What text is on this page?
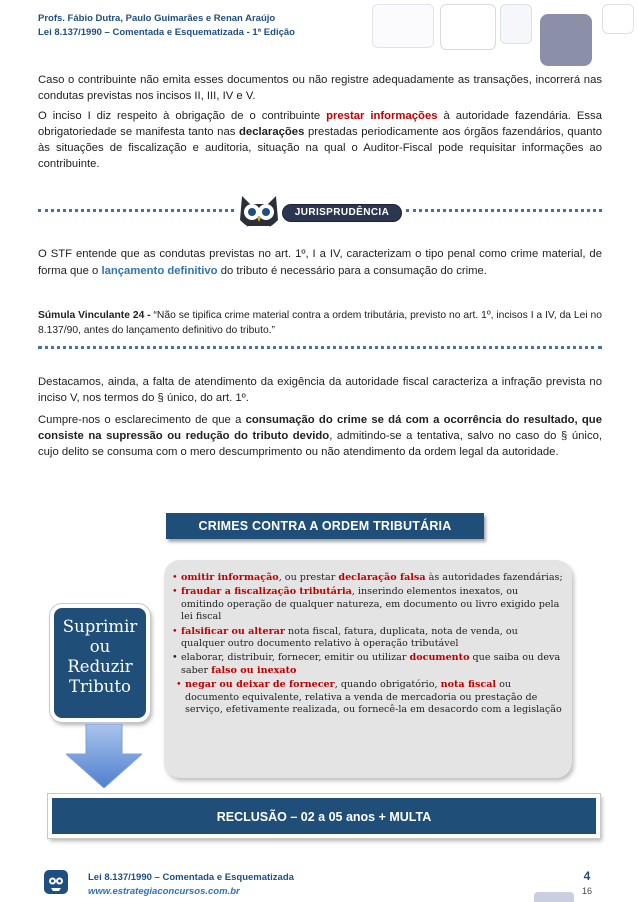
Profs. Fábio Dutra, Paulo Guimarães e Renan Araújo
Lei 8.137/1990 – Comentada e Esquematizada - 1ª Edição
Caso o contribuinte não emita esses documentos ou não registre adequadamente as transações, incorrerá nas condutas previstas nos incisos II, III, IV e V.
O inciso I diz respeito à obrigação de o contribuinte prestar informações à autoridade fazendária. Essa obrigatoriedade se manifesta tanto nas declarações prestadas periodicamente aos órgãos fazendários, quanto às situações de fiscalização e auditoria, situação na qual o Auditor-Fiscal pode requisitar informações ao contribuinte.
JURISPRUDÊNCIA
O STF entende que as condutas previstas no art. 1º, I a IV, caracterizam o tipo penal como crime material, de forma que o lançamento definitivo do tributo é necessário para a consumação do crime.
Súmula Vinculante 24 - “Não se tipifica crime material contra a ordem tributária, previsto no art. 1º, incisos I a IV, da Lei no 8.137/90, antes do lançamento definitivo do tributo.”
Destacamos, ainda, a falta de atendimento da exigência da autoridade fiscal caracteriza a infração prevista no inciso V, nos termos do § único, do art. 1º.
Cumpre-nos o esclarecimento de que a consumação do crime se dá com a ocorrência do resultado, que consiste na supressão ou redução do tributo devido, admitindo-se a tentativa, salvo no caso do § único, cujo delito se consuma com o mero descumprimento ou não atendimento da ordem legal da autoridade.
CRIMES CONTRA A ORDEM TRIBUTÁRIA
• omitir informação, ou prestar declaração falsa às autoridades fazendárias;
• fraudar a fiscalização tributária, inserindo elementos inexatos, ou omitindo operação de qualquer natureza, em documento ou livro exigido pela lei fiscal
• falsificar ou alterar nota fiscal, fatura, duplicata, nota de venda, ou qualquer outro documento relativo à operação tributável
• elaborar, distribuir, fornecer, emitir ou utilizar documento que saiba ou deva saber falso ou inexato
• negar ou deixar de fornecer, quando obrigatório, nota fiscal ou documento equivalente, relativa a venda de mercadoria ou prestação de serviço, efetivamente realizada, ou fornecê-la em desacordo com a legislação
Suprimir
ou
Reduzir
Tributo
RECLUSÃO – 02 a 05 anos + MULTA
Lei 8.137/1990 – Comentada e Esquematizada
www.estrategiaconcursos.com.br
4
16
